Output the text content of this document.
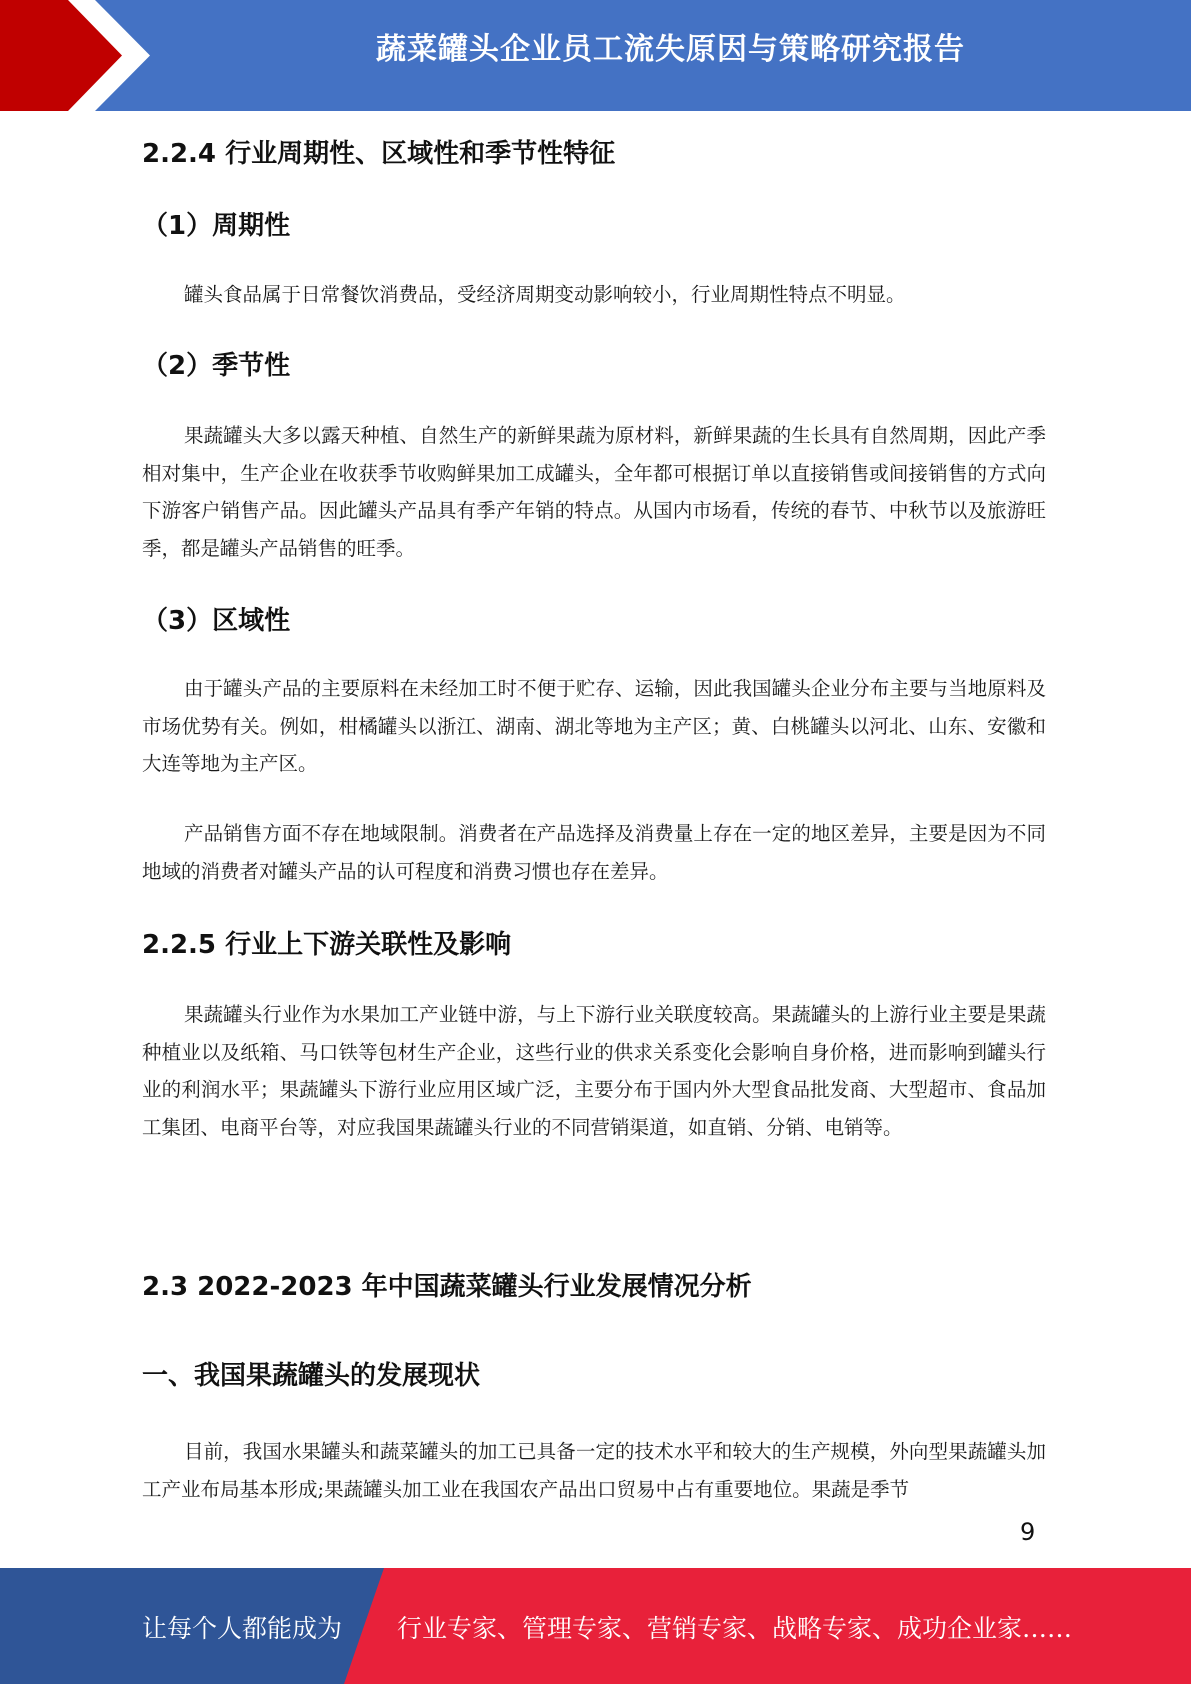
蔬菜罐头企业员工流失原因与策略研究报告
2.2.4 行业周期性、区域性和季节性特征
（1）周期性

罐头食品属于日常餐饮消费品，受经济周期变动影响较小，行业周期性特点不明显。

（2）季节性

果蔬罐头大多以露天种植、自然生产的新鲜果蔬为原材料，新鲜果蔬的生长具有自然周期，因此产季相对集中，生产企业在收获季节收购鲜果加工成罐头，全年都可根据订单以直接销售或间接销售的方式向下游客户销售产品。因此罐头产品具有季产年销的特点。从国内市场看，传统的春节、中秋节以及旅游旺季，都是罐头产品销售的旺季。

（3）区域性

由于罐头产品的主要原料在未经加工时不便于贮存、运输，因此我国罐头企业分布主要与当地原料及市场优势有关。例如，柑橘罐头以浙江、湖南、湖北等地为主产区；黄、白桃罐头以河北、山东、安徽和大连等地为主产区。

产品销售方面不存在地域限制。消费者在产品选择及消费量上存在一定的地区差异，主要是因为不同地域的消费者对罐头产品的认可程度和消费习惯也存在差异。

2.2.5 行业上下游关联性及影响

果蔬罐头行业作为水果加工产业链中游，与上下游行业关联度较高。果蔬罐头的上游行业主要是果蔬种植业以及纸箱、马口铁等包材生产企业，这些行业的供求关系变化会影响自身价格，进而影响到罐头行业的利润水平；果蔬罐头下游行业应用区域广泛，主要分布于国内外大型食品批发商、大型超市、食品加工集团、电商平台等，对应我国果蔬罐头行业的不同营销渠道，如直销、分销、电销等。

2.3 2022-2023 年中国蔬菜罐头行业发展情况分析
一、我国果蔬罐头的发展现状

目前，我国水果罐头和蔬菜罐头的加工已具备一定的技术水平和较大的生产规模，外向型果蔬罐头加工产业布局基本形成;果蔬罐头加工业在我国农产品出口贸易中占有重要地位。果蔬是季节

9
让每个人都能成为 行业专家、管理专家、营销专家、战略专家、成功企业家……
